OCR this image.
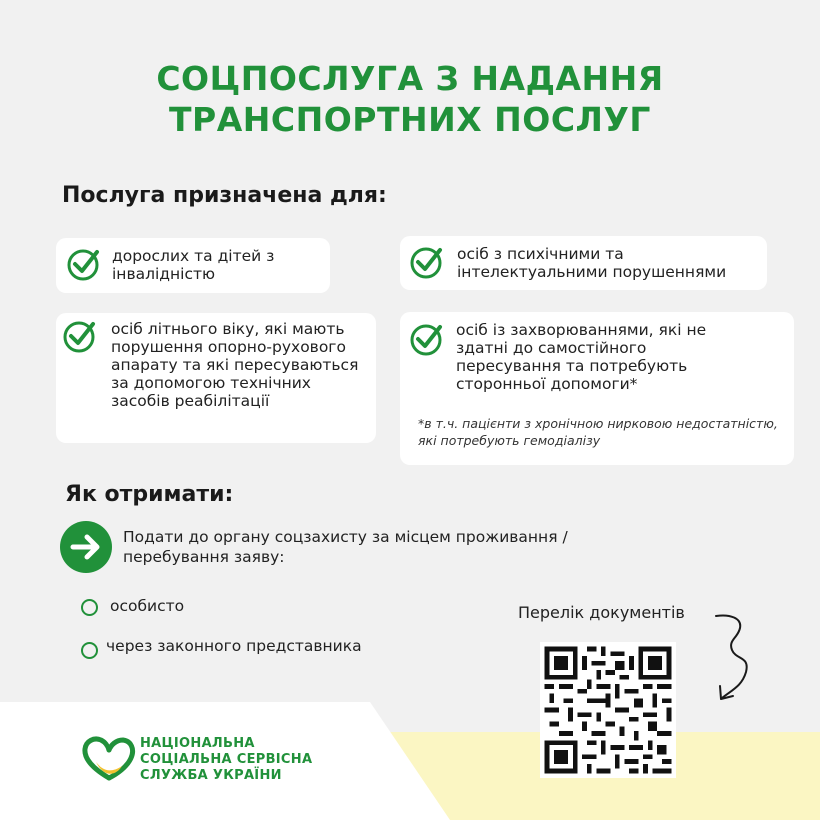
СОЦПОСЛУГА З НАДАННЯ
ТРАНСПОРТНИХ ПОСЛУГ
Послуга призначена для:
дорослих та дітей з інвалідністю
осіб з психічними та інтелектуальними порушеннями
осіб літнього віку, які мають порушення опорно-рухового апарату та які пересуваються за допомогою технічних засобів реабілітації
осіб із захворюваннями, які не здатні до самостійного пересування та потребують сторонньої допомоги*
*в т.ч. пацієнти з хронічною нирковою недостатністю, які потребують гемодіалізу
Як отримати:
Подати до органу соцзахисту за місцем проживання / перебування заяву:
особисто
через законного представника
Перелік документів
НАЦІОНАЛЬНА
СОЦІАЛЬНА СЕРВІСНА
СЛУЖБА УКРАЇНИ
